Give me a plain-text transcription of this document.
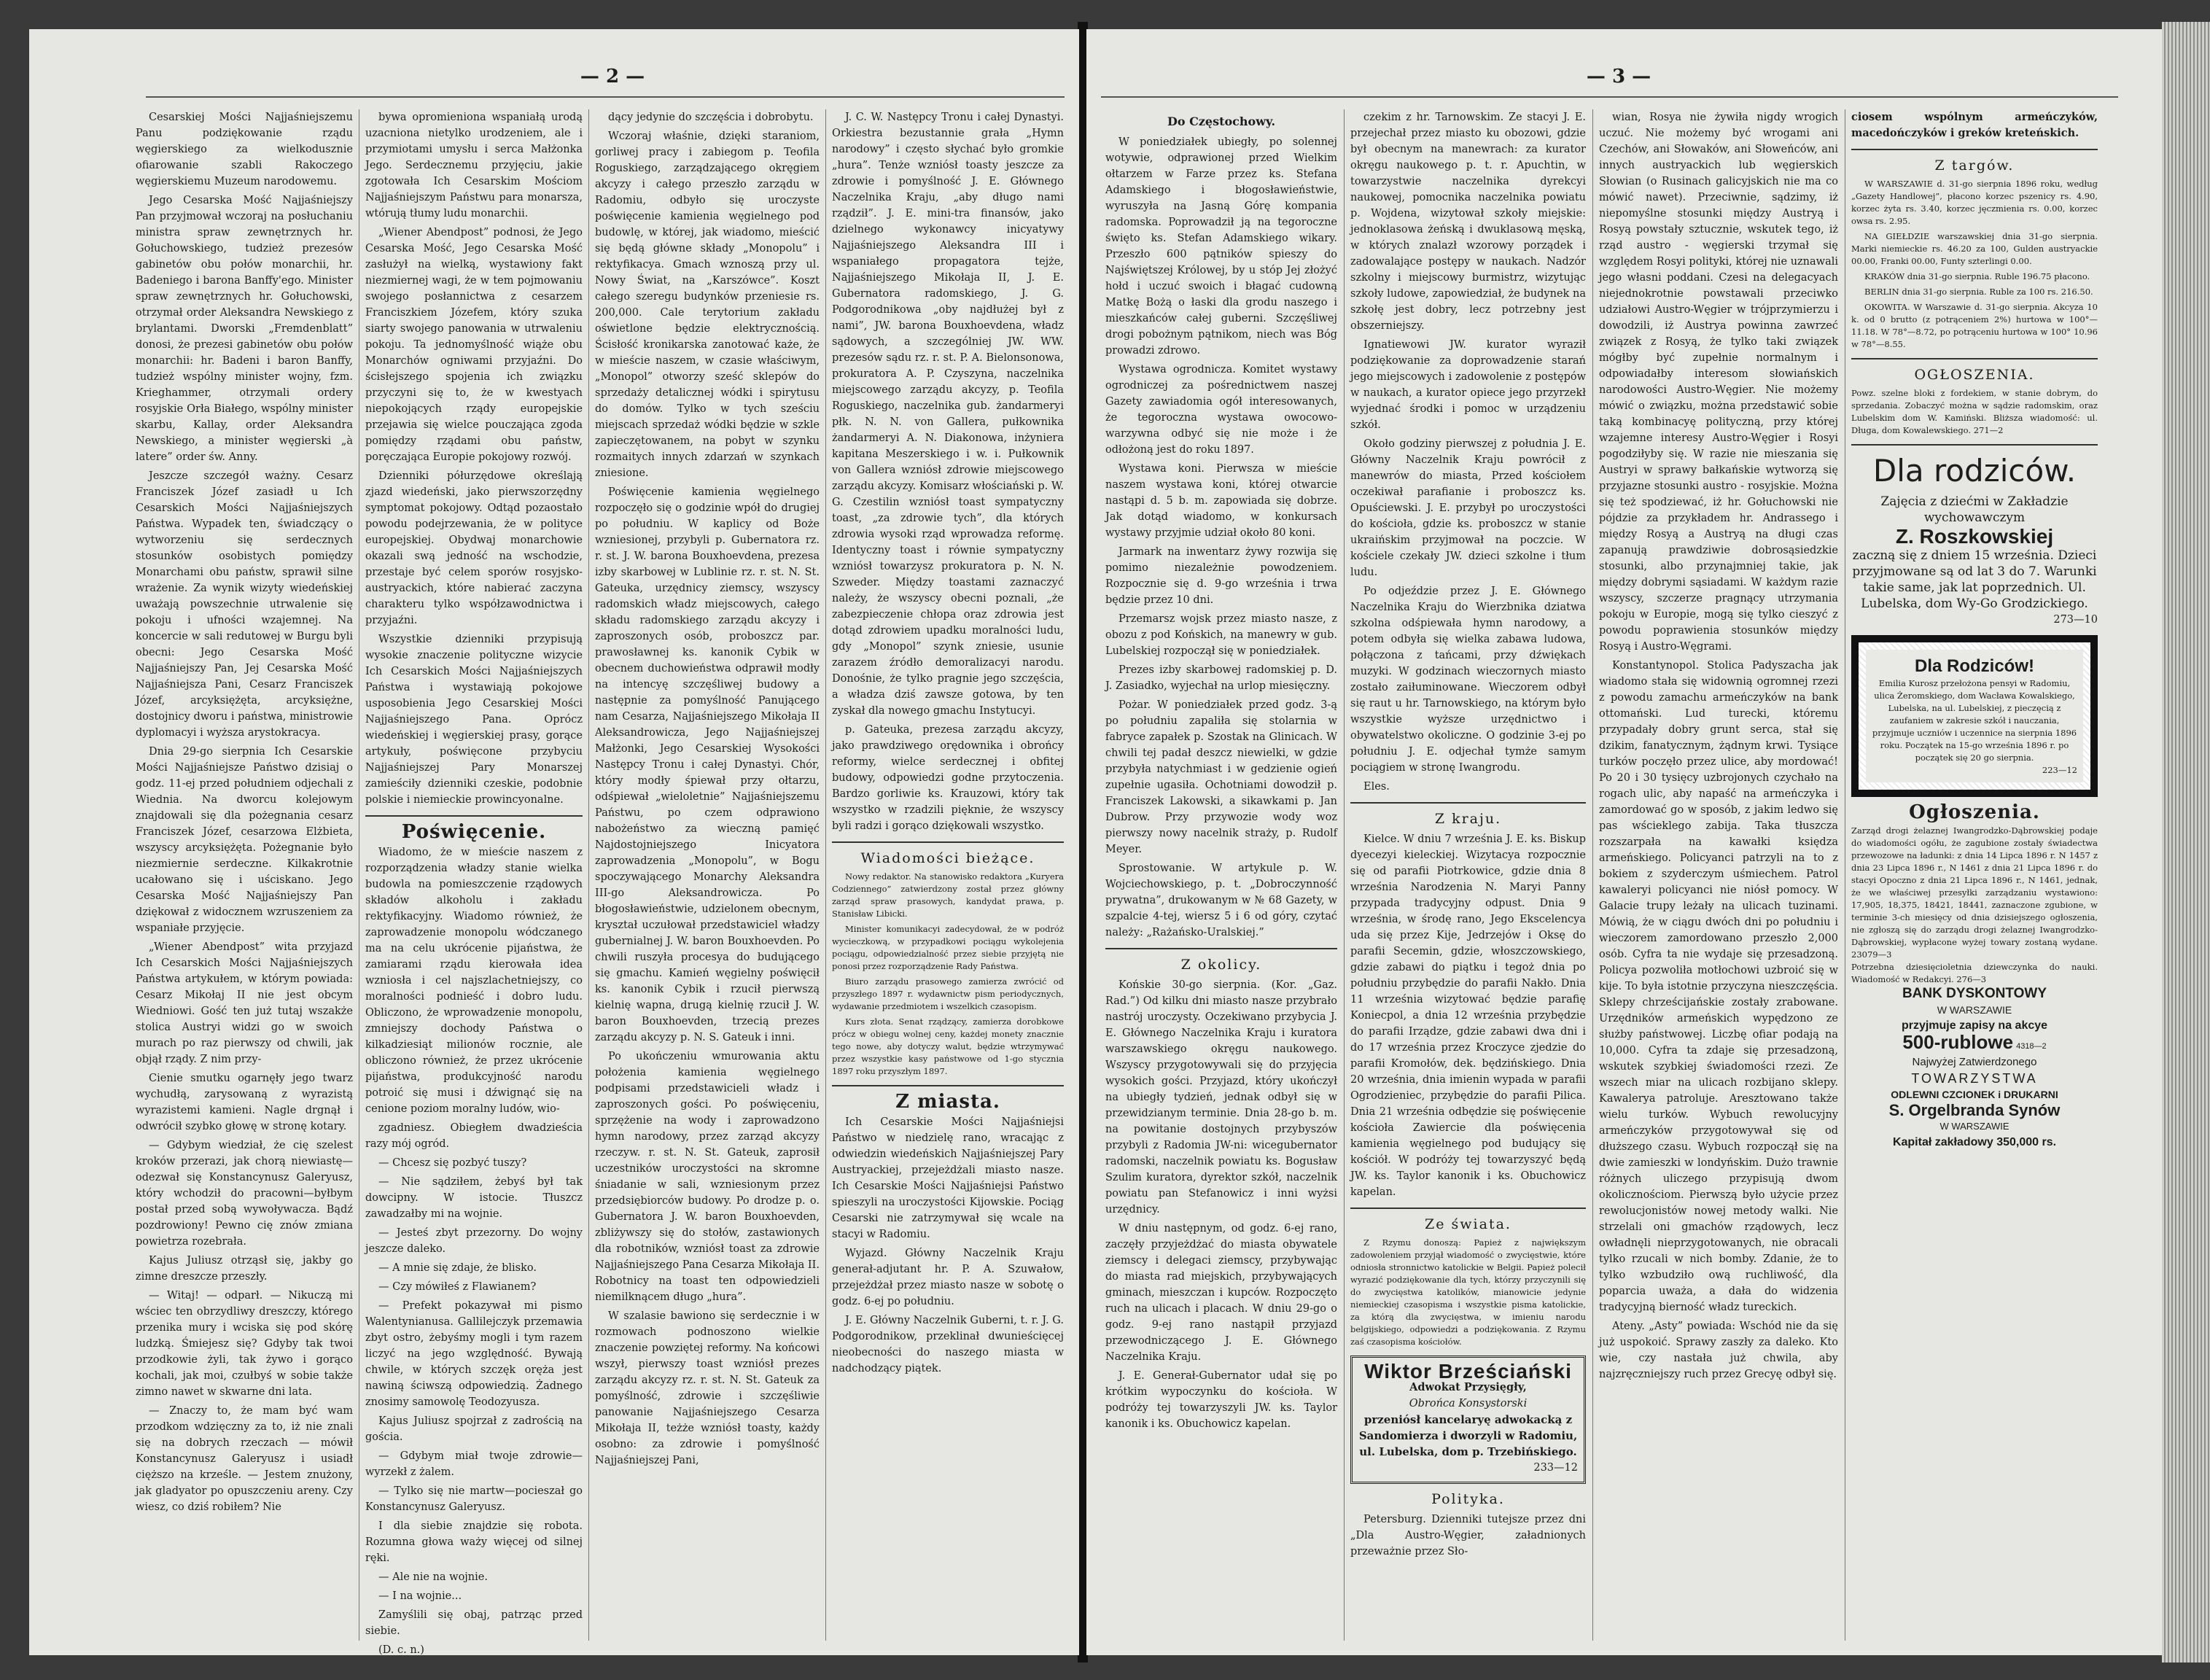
— 2 —

Cesarskiej Mości Najjaśniejszemu Panu podziękowanie rządu węgierskiego za wielkodusznie ofiarowanie szabli Rakoczego węgierskiemu Muzeum narodowemu.

Jego Cesarska Mość Najjaśniejszy Pan przyjmował wczoraj na posłuchaniu ministra spraw zewnętrznych hr. Gołuchowskiego, tudzież prezesów gabinetów obu połów monarchii, hr. Badeniego i barona Banffy'ego. Minister spraw zewnętrznych hr. Gołuchowski, otrzymał order Aleksandra Newskiego z brylantami. Dworski „Fremdenblatt” donosi, że prezesi gabinetów obu połów monarchii: hr. Badeni i baron Banffy, tudzież wspólny minister wojny, fzm. Krieghammer, otrzymali ordery rosyjskie Orła Białego, wspólny minister skarbu, Kallay, order Aleksandra Newskiego, a minister węgierski „à latere” order św. Anny.

Jeszcze szczegół ważny. Cesarz Franciszek Józef zasiadł u Ich Cesarskich Mości Najjaśniejszych Państwa. Wypadek ten, świadczący o wytworzeniu się serdecznych stosunków osobistych pomiędzy Monarchami obu państw, sprawił silne wrażenie. Za wynik wizyty wiedeńskiej uważają powszechnie utrwalenie się pokoju i ufności wzajemnej. Na koncercie w sali redutowej w Burgu byli obecni: Jego Cesarska Mość Najjaśniejszy Pan, Jej Cesarska Mość Najjaśniejsza Pani, Cesarz Franciszek Józef, arcyksiężęta, arcyksiężne, dostojnicy dworu i państwa, ministrowie dyplomacyi i wyższa arystokracya.

Dnia 29-go sierpnia Ich Cesarskie Mości Najjaśniejsze Państwo dzisiaj o godz. 11-ej przed południem odjechali z Wiednia. Na dworcu kolejowym znajdowali się dla pożegnania cesarz Franciszek Józef, cesarzowa Elżbieta, wszyscy arcyksiężęta. Pożegnanie było niezmiernie serdeczne. Kilkakrotnie ucałowano się i uściskano. Jego Cesarska Mość Najjaśniejszy Pan dziękował z widocznem wzruszeniem za wspaniałe przyjęcie.

„Wiener Abendpost” wita przyjazd Ich Cesarskich Mości Najjaśniejszych Państwa artykułem, w którym powiada: Cesarz Mikołaj II nie jest obcym Wiedniowi. Gość ten już tutaj wszakże stolica Austryi widzi go w swoich murach po raz pierwszy od chwili, jak objął rządy. Z nim przy-

Cienie smutku ogarnęły jego twarz wychudłą, zarysowaną z wyrazistą wyrazistemi kamieni. Nagle drgnął i odwrócił szybko głowę w stronę kotary.

— Gdybym wiedział, że cię szelest kroków przerazi, jak chorą niewiastę—odezwał się Konstancynusz Galeryusz, który wchodził do pracowni—byłbym postał przed sobą wywoływacza. Bądź pozdrowiony! Pewno cię znów zmiana powietrza rozebrała.

Kajus Juliusz otrząsł się, jakby go zimne dreszcze przeszły.

— Witaj! — odparł. — Nikuczą mi wściec ten obrzydliwy dreszczy, którego przenika mury i wciska się pod skórę ludzką. Śmiejesz się? Gdyby tak twoi przodkowie żyli, tak żywo i gorąco kochali, jak moi, czułbyś w sobie także zimno nawet w skwarne dni lata.

— Znaczy to, że mam być wam przodkom wdzięczny za to, iż nie znali się na dobrych rzeczach — mówił Konstancynusz Galeryusz i usiadł cięższo na krześle. — Jestem znużony, jak gladyator po opuszczeniu areny. Czy wiesz, co dziś robiłem? Nie

bywa opromieniona wspaniałą urodą uzacniona nietylko urodzeniem, ale i przymiotami umysłu i serca Małżonka Jego. Serdecznemu przyjęciu, jakie zgotowała Ich Cesarskim Mościom Najjaśniejszym Państwu para monarsza, wtórują tłumy ludu monarchii.

„Wiener Abendpost” podnosi, że Jego Cesarska Mość, Jego Cesarska Mość zasłużył na wielką, wystawiony fakt niezmiernej wagi, że w tem pojmowaniu swojego posłannictwa z cesarzem Franciszkiem Józefem, który szuka siarty swojego panowania w utrwaleniu pokoju. Ta jednomyślność wiąże obu Monarchów ogniwami przyjaźni. Do ścisłejszego spojenia ich związku przyczyni się to, że w kwestyach niepokojących rządy europejskie przejawia się wielce pouczająca zgoda pomiędzy rządami obu państw, poręczająca Europie pokojowy rozwój.

Dzienniki półurzędowe określają zjazd wiedeński, jako pierwszorzędny symptomat pokojowy. Odtąd pozaostało powodu podejrzewania, że w polityce europejskiej. Obydwaj monarchowie okazali swą jedność na wschodzie, przestaje być celem sporów rosyjsko-austryackich, które nabierać zaczyna charakteru tylko współzawodnictwa i przyjaźni.

Wszystkie dzienniki przypisują wysokie znaczenie polityczne wizycie Ich Cesarskich Mości Najjaśniejszych Państwa i wystawiają pokojowe usposobienia Jego Cesarskiej Mości Najjaśniejszego Pana. Oprócz wiedeńskiej i węgierskiej prasy, gorące artykuły, poświęcone przybyciu Najjaśniejszej Pary Monarszej zamieściły dzienniki czeskie, podobnie polskie i niemieckie prowincyonalne.

Poświęcenie.

Wiadomo, że w mieście naszem z rozporządzenia władzy stanie wielka budowla na pomieszczenie rządowych składów alkoholu i zakładu rektyfikacyjny. Wiadomo również, że zaprowadzenie monopolu wódczanego ma na celu ukrócenie pijaństwa, że zamiarami rządu kierowała idea wzniosła i cel najszlachetniejszy, co moralności podnieść i dobro ludu. Obliczono, że wprowadzenie monopolu, zmniejszy dochody Państwa o kilkadziesiąt milionów rocznie, ale obliczono również, że przez ukrócenie pijaństwa, produkcyjność narodu potroić się musi i dźwignąć się na cenione poziom moralny ludów, wio-

zgadniesz. Obiegłem dwadzieścia razy mój ogród.

— Chcesz się pozbyć tuszy?

— Nie sądziłem, żebyś był tak dowcipny. W istocie. Tłuszcz zawadzałby mi na wojnie.

— Jesteś zbyt przezorny. Do wojny jeszcze daleko.

— A mnie się zdaje, że blisko.

— Czy mówiłeś z Flawianem?

— Prefekt pokazywał mi pismo Walentynianusa. Gallilejczyk przemawia zbyt ostro, żebyśmy mogli i tym razem liczyć na jego względność. Bywają chwile, w których szczęk oręża jest nawiną ściwszą odpowiedzią. Żadnego znosimy samowolę Teodozyusza.

Kajus Juliusz spojrzał z zadrością na gościa.

— Gdybym miał twoje zdrowie—wyrzekł z żalem.

— Tylko się nie martw—pocieszał go Konstancynusz Galeryusz.

I dla siebie znajdzie się robota. Rozumna głowa waży więcej od silnej ręki.

— Ale nie na wojnie.

— I na wojnie...

Zamyślili się obaj, patrząc przed siebie.

(D. c. n.)

dący jedynie do szczęścia i dobrobytu.

Wczoraj właśnie, dzięki staraniom, gorliwej pracy i zabiegom p. Teofila Roguskiego, zarządzającego okręgiem akcyzy i całego przeszło zarządu w Radomiu, odbyło się uroczyste poświęcenie kamienia węgielnego pod budowlę, w której, jak wiadomo, mieścić się będą główne składy „Monopolu” i rektyfikacya. Gmach wznoszą przy ul. Nowy Świat, na „Karszówce”. Koszt całego szeregu budynków przeniesie rs. 200,000. Cale terytorium zakładu oświetlone będzie elektrycznością. Ścisłość kronikarska zanotować każe, że w mieście naszem, w czasie właściwym, „Monopol” otworzy sześć sklepów do sprzedaży detalicznej wódki i spirytusu do domów. Tylko w tych sześciu miejscach sprzedaż wódki będzie w szkle zapieczętowanem, na pobyt w szynku rozmaitych innych zdarzań w szynkach zniesione.

Poświęcenie kamienia węgielnego rozpoczęło się o godzinie wpół do drugiej po południu. W kaplicy od Boże wzniesionej, przybyli p. Gubernatora rz. r. st. J. W. barona Bouxhoevdena, prezesa izby skarbowej w Lublinie rz. r. st. N. St. Gateuka, urzędnicy ziemscy, wszyscy radomskich władz miejscowych, całego składu radomskiego zarządu akcyzy i zaproszonych osób, proboszcz par. prawosławnej ks. kanonik Cybik w obecnem duchowieństwa odprawił modły na intencyę szczęśliwej budowy a następnie za pomyślność Panującego nam Cesarza, Najjaśniejszego Mikołaja II Aleksandrowicza, Jego Najjaśniejszej Małżonki, Jego Cesarskiej Wysokości Następcy Tronu i całej Dynastyi. Chór, który modły śpiewał przy ołtarzu, odśpiewał „wieloletnie” Najjaśniejszemu Państwu, po czem odprawiono nabożeństwo za wieczną pamięć Najdostojniejszego Inicyatora zaprowadzenia „Monopolu”, w Bogu spoczywającego Monarchy Aleksandra III-go Aleksandrowicza. Po błogosławieństwie, udzielonem obecnym, kryształ uczułował przedstawiciel władzy gubernialnej J. W. baron Bouxhoevden. Po chwili ruszyła procesya do budującego się gmachu. Kamień węgielny poświęcił ks. kanonik Cybik i rzucił pierwszą kielnię wapna, drugą kielnię rzucił J. W. baron Bouxhoevden, trzecią prezes zarządu akcyzy p. N. S. Gateuk i inni.

Po ukończeniu wmurowania aktu położenia kamienia węgielnego podpisami przedstawicieli władz i zaproszonych gości. Po poświęceniu, sprzężenie na wody i zaprowadzono hymn narodowy, przez zarząd akcyzy rzeczyw. r. st. N. St. Gateuk, zaprosił uczestników uroczystości na skromne śniadanie w sali, wzniesionym przez przedsiębiorców budowy. Po drodze p. o. Gubernatora J. W. baron Bouxhoevden, zbliżywszy się do stołów, zastawionych dla robotników, wzniósł toast za zdrowie Najjaśniejszego Pana Cesarza Mikołaja II. Robotnicy na toast ten odpowiedzieli niemilknącem długo „hura”.

W szalasie bawiono się serdecznie i w rozmowach podnoszono wielkie znaczenie powziętej reformy. Na końcowi wszył, pierwszy toast wzniósł prezes zarządu akcyzy rz. r. st. N. St. Gateuk za pomyślność, zdrowie i szczęśliwie panowanie Najjaśniejszego Cesarza Mikołaja II, teżże wzniósł toasty, każdy osobno: za zdrowie i pomyślność Najjaśniejszej Pani,

J. C. W. Następcy Tronu i całej Dynastyi. Orkiestra bezustannie grała „Hymn narodowy” i często słychać było gromkie „hura”. Tenże wzniósł toasty jeszcze za zdrowie i pomyślność J. E. Głównego Naczelnika Kraju, „aby długo nami rządził”. J. E. mini-tra finansów, jako dzielnego wykonawcy inicyatywy Najjaśniejszego Aleksandra III i wspaniałego propagatora tejże, Najjaśniejszego Mikołaja II, J. E. Gubernatora radomskiego, J. G. Podgorodnikowa „oby najdłużej był z nami”, JW. barona Bouxhoevdena, władz sądowych, a szczególniej JW. WW. prezesów sądu rz. r. st. P. A. Bielonsonowa, prokuratora A. P. Czyszyna, naczelnika miejscowego zarządu akcyzy, p. Teofila Roguskiego, naczelnika gub. żandarmeryi płk. N. N. von Gallera, pułkownika żandarmeryi A. N. Diakonowa, inżyniera kapitana Meszerskiego i w. i. Pułkownik von Gallera wzniósł zdrowie miejscowego zarządu akcyzy. Komisarz włościański p. W. G. Czestilin wzniósł toast sympatyczny toast, „za zdrowie tych”, dla których zdrowia wysoki rząd wprowadza reformę. Identyczny toast i równie sympatyczny wzniósł towarzysz prokuratora p. N. N. Szweder. Między toastami zaznaczyć należy, że wszyscy obecni poznali, „że zabezpieczenie chłopa oraz zdrowia jest dotąd zdrowiem upadku moralności ludu, gdy „Monopol” szynk zniesie, usunie zarazem źródło demoralizacyi narodu. Donośnie, że tylko pragnie jego szczęścia, a władza dziś zawsze gotowa, by ten zyskał dla nowego gmachu Instytucyi.

p. Gateuka, prezesa zarządu akcyzy, jako prawdziwego orędownika i obrońcy reformy, wielce serdecznej i obfitej budowy, odpowiedzi godne przytoczenia. Bardzo gorliwie ks. Krauzowi, który tak wszystko w rzadzili pięknie, że wszyscy byli radzi i gorąco dziękowali wszystko.

Wiadomości bieżące.

Nowy redaktor. Na stanowisko redaktora „Kuryera Codziennego” zatwierdzony został przez główny zarząd spraw prasowych, kandydat prawa, p. Stanisław Libicki.

Minister komunikacyi zadecydował, że w podróż wycieczkową, w przypadkowi pociągu wykolejenia pociągu, odpowiedzialność przez siebie przyjętą nie ponosi przez rozporządzenie Rady Państwa.

Biuro zarządu prasowego zamierza zwrócić od przyszłego 1897 r. wydawnictw pism periodycznych, wydawanie przedmiotem i wszelkich czasopism.

Kurs złota. Senat rządzący, zamierza dorobkowe prócz w obiegu wolnej ceny, każdej monety znacznie tego nowe, aby dotyczy walut, będzie wtrzymywać przez wszystkie kasy państwowe od 1-go stycznia 1897 roku przyszłym 1897.

Z miasta.

Ich Cesarskie Mości Najjaśniejsi Państwo w niedzielę rano, wracając z odwiedzin wiedeńskich Najjaśniejszej Pary Austryackiej, przejeżdżali miasto nasze. Ich Cesarskie Mości Najjaśniejsi Państwo spieszyli na uroczystości Kijowskie. Pociąg Cesarski nie zatrzymywał się wcale na stacyi w Radomiu.

Wyjazd. Główny Naczelnik Kraju generał-adjutant hr. P. A. Szuwałow, przejeżdżał przez miasto nasze w sobotę o godz. 6-ej po południu.

J. E. Główny Naczelnik Guberni, t. r. J. G. Podgorodnikow, przeklinał dwunieścięcej nieobecności do naszego miasta w nadchodzący piątek.

— 3 —
Do Częstochowy.

W poniedziałek ubiegły, po solennej wotywie, odprawionej przed Wielkim ołtarzem w Farze przez ks. Stefana Adamskiego i błogosławieństwie, wyruszyła na Jasną Górę kompania radomska. Poprowadził ją na tegoroczne święto ks. Stefan Adamskiego wikary. Przeszło 600 pątników spieszy do Najświętszej Królowej, by u stóp Jej złożyć hołd i uczuć swoich i błagać cudowną Matkę Bożą o łaski dla grodu naszego i mieszkańców całej guberni. Szczęśliwej drogi pobożnym pątnikom, niech was Bóg prowadzi zdrowo.

Wystawa ogrodnicza. Komitet wystawy ogrodniczej za pośrednictwem naszej Gazety zawiadomia ogół interesowanych, że tegoroczna wystawa owocowo-warzywna odbyć się nie może i że odłożoną jest do roku 1897.

Wystawa koni. Pierwsza w mieście naszem wystawa koni, której otwarcie nastąpi d. 5 b. m. zapowiada się dobrze. Jak dotąd wiadomo, w konkursach wystawy przyjmie udział około 80 koni.

Jarmark na inwentarz żywy rozwija się pomimo niezależnie powodzeniem. Rozpocznie się d. 9-go września i trwa będzie przez 10 dni.

Przemarsz wojsk przez miasto nasze, z obozu z pod Końskich, na manewry w gub. Lubelskiej rozpoczął się w poniedziałek.

Prezes izby skarbowej radomskiej p. D. J. Zasiadko, wyjechał na urlop miesięczny.

Pożar. W poniedziałek przed godz. 3-ą po południu zapaliła się stolarnia w fabryce zapałek p. Szostak na Glinicach. W chwili tej padał deszcz niewielki, w gdzie przybyła natychmiast i w gedzienie ogień zupełnie ugasiła. Ochotniami dowodził p. Franciszek Lakowski, a sikawkami p. Jan Dubrow. Przy przywozie wody woz pierwszy nowy nacelnik straży, p. Rudolf Meyer.

Sprostowanie. W artykule p. W. Wojciechowskiego, p. t. „Dobroczynność prywatna”, drukowanym w № 68 Gazety, w szpalcie 4-tej, wiersz 5 i 6 od góry, czytać należy: „Rażańsko-Uralskiej.”

Z okolicy.

Końskie 30-go sierpnia. (Kor. „Gaz. Rad.”) Od kilku dni miasto nasze przybrało nastrój uroczysty. Oczekiwano przybycia J. E. Głównego Naczelnika Kraju i kuratora warszawskiego okręgu naukowego. Wszyscy przygotowywali się do przyjęcia wysokich gości. Przyjazd, który ukończył na ubiegły tydzień, jednak odbył się w przewidzianym terminie. Dnia 28-go b. m. na powitanie dostojnych przybyszów przybyli z Radomia JW-ni: wicegubernator radomski, naczelnik powiatu ks. Bogusław Szulim kuratora, dyrektor szkół, naczelnik powiatu pan Stefanowicz i inni wyżsi urzędnicy.

W dniu następnym, od godz. 6-ej rano, zaczęły przyjeżdżać do miasta obywatele ziemscy i delegaci ziemscy, przybywając do miasta rad miejskich, przybywających gminach, mieszczan i kupców. Rozpoczęto ruch na ulicach i placach. W dniu 29-go o godz. 9-ej rano nastąpił przyjazd przewodniczącego J. E. Głównego Naczelnika Kraju.

J. E. Generał-Gubernator udał się po krótkim wypoczynku do kościoła. W podróży tej towarzyszyli JW. ks. Taylor kanonik i ks. Obuchowicz kapelan.

czekim z hr. Tarnowskim. Ze stacyi J. E. przejechał przez miasto ku obozowi, gdzie był obecnym na manewrach: za kurator okręgu naukowego p. t. r. Apuchtin, w towarzystwie naczelnika dyrekcyi naukowej, pomocnika naczelnika powiatu p. Wojdena, wizytował szkoły miejskie: jednoklasowa żeńską i dwuklasową męską, w których znalazł wzorowy porządek i zadowalające postępy w naukach. Nadzór szkolny i miejscowy burmistrz, wizytując szkoły ludowe, zapowiedział, że budynek na szkołę jest dobry, lecz potrzebny jest obszerniejszy.

Ignatiewowi JW. kurator wyraził podziękowanie za doprowadzenie starań jego miejscowych i zadowolenie z postępów w naukach, a kurator opiece jego przyrzekł wyjednać środki i pomoc w urządzeniu szkół.

Około godziny pierwszej z południa J. E. Główny Naczelnik Kraju powrócił z manewrów do miasta, Przed kościołem oczekiwał parafianie i proboszcz ks. Opuściewski. J. E. przybył po uroczystości do kościoła, gdzie ks. proboszcz w stanie ukraińskim przyjmował na poczcie. W kościele czekały JW. dzieci szkolne i tłum ludu.

Po odjeździe przez J. E. Głównego Naczelnika Kraju do Wierzbnika dziatwa szkolna odśpiewała hymn narodowy, a potem odbyła się wielka zabawa ludowa, połączona z tańcami, przy dźwiękach muzyki. W godzinach wieczornych miasto zostało zaiłuminowane. Wieczorem odbył się raut u hr. Tarnowskiego, na którym było wszystkie wyższe urzędnictwo i obywatelstwo okoliczne. O godzinie 3-ej po południu J. E. odjechał tymże samym pociągiem w stronę Iwangrodu.

Eles.

Z kraju.

Kielce. W dniu 7 września J. E. ks. Biskup dyecezyi kieleckiej. Wizytacya rozpocznie się od parafii Piotrkowice, gdzie dnia 8 września Narodzenia N. Maryi Panny przypada tradycyjny odpust. Dnia 9 września, w środę rano, Jego Ekscelencya uda się przez Kije, Jedrzejów i Oksę do parafii Secemin, gdzie, włoszczowskiego, gdzie zabawi do piątku i tegoż dnia po południu przybędzie do parafii Nakło. Dnia 11 września wizytować będzie parafię Koniecpol, a dnia 12 września przybędzie do parafii Irządze, gdzie zabawi dwa dni i do 17 września przez Kroczyce zjedzie do parafii Kromołów, dek. będzińskiego. Dnia 20 września, dnia imienin wypada w parafii Ogrodzieniec, przybędzie do parafii Pilica. Dnia 21 września odbędzie się poświęcenie kościoła Zawiercie dla poświęcenia kamienia węgielnego pod budujący się kościół. W podróży tej towarzyszyć będą JW. ks. Taylor kanonik i ks. Obuchowicz kapelan.

Ze świata.

Z Rzymu donoszą: Papież z największym zadowoleniem przyjął wiadomość o zwycięstwie, które odniosła stronnictwo katolickie w Belgii. Papież polecił wyrazić podziękowanie dla tych, którzy przyczynili się do zwycięstwa katolików, mianowicie jedynie niemieckiej czasopisma i wszystkie pisma katolickie, za którą dla zwycięstwa, w imieniu narodu belgijskiego, odpowiedzi a podziękowania. Z Rzymu zaś czasopisma kościołów.

Wiktor Brześciański
Adwokat Przysięgły,
Obrońca Konsystorski
przeniósł kancelaryę adwokacką z Sandomierza i dworzyli w Radomiu, ul. Lubelska, dom p. Trzebińskiego.
233—12
Polityka.

Petersburg. Dzienniki tutejsze przez dni „Dla Austro-Węgier, załadnionych przeważnie przez Sło-

wian, Rosya nie żywiła nigdy wrogich uczuć. Nie możemy być wrogami ani Czechów, ani Słowaków, ani Słoweńców, ani innych austryackich lub węgierskich Słowian (o Rusinach galicyjskich nie ma co mówić nawet). Przeciwnie, sądzimy, iż niepomyślne stosunki między Austryą i Rosyą powstały sztucznie, wskutek tego, iż rząd austro - węgierski trzymał się względem Rosyi polityki, której nie uznawali jego własni poddani. Czesi na delegacyach niejednokrotnie powstawali przeciwko udziałowi Austro-Węgier w trójprzymierzu i dowodzili, iż Austrya powinna zawrzeć związek z Rosyą, że tylko taki związek mógłby być zupełnie normalnym i odpowiadałby interesom słowiańskich narodowości Austro-Węgier. Nie możemy mówić o związku, można przedstawić sobie taką kombinacyę polityczną, przy której wzajemne interesy Austro-Węgier i Rosyi pogodziłyby się. W razie nie mieszania się Austryi w sprawy bałkańskie wytworzą się przyjazne stosunki austro - rosyjskie. Można się też spodziewać, iż hr. Gołuchowski nie pójdzie za przykładem hr. Andrassego i między Rosyą a Austryą na długi czas zapanują prawdziwie dobrosąsiedzkie stosunki, albo przynajmniej takie, jak między dobrymi sąsiadami. W każdym razie wszyscy, szczerze pragnący utrzymania pokoju w Europie, mogą się tylko cieszyć z powodu poprawienia stosunków między Rosyą i Austro-Węgrami.

Konstantynopol. Stolica Padyszacha jak wiadomo stała się widownią ogromnej rzezi z powodu zamachu armeńczyków na bank ottomański. Lud turecki, któremu przypadały dobry grunt serca, stał się dzikim, fanatycznym, żądnym krwi. Tysiące turków poczęło przez ulice, aby mordować! Po 20 i 30 tysięcy uzbrojonych czychało na rogach ulic, aby napaść na armeńczyka i zamordować go w sposób, z jakim ledwo się pas wścieklego zabija. Taka tłuszcza rozszarpała na kawałki księdza armeńskiego. Policyanci patrzyli na to z bokiem z szyderczym uśmiechem. Patrol kawaleryi policyanci nie niósł pomocy. W Galacie trupy leżały na ulicach tuzinami. Mówią, że w ciągu dwóch dni po południu i wieczorem zamordowano przeszło 2,000 osób. Cyfra ta nie wydaje się przesadzoną. Policya pozwoliła motłochowi uzbroić się w kije. To była istotnie przyczyna nieszczęścia. Sklepy chrześcijańskie zostały zrabowane. Urzędników armeńskich wypędzono ze służby państwowej. Liczbę ofiar podają na 10,000. Cyfra ta zdaje się przesadzoną, wskutek szybkiej świadomości rzezi. Ze wszech miar na ulicach rozbijano sklepy. Kawalerya patroluje. Aresztowano także wielu turków. Wybuch rewolucyjny armeńczyków przygotowywał się od dłuższego czasu. Wybuch rozpoczął się na dwie zamieszki w londyńskim. Dużo trawnie różnych uliczego przypisują dwom okolicznościom. Pierwszą było użycie przez rewolucjonistów nowej metody walki. Nie strzelali oni gmachów rządowych, lecz owładnęli nieprzygotowanych, nie obracali tylko rzucali w nich bomby. Zdanie, że to tylko wzbudziło ową ruchliwość, dla poparcia uważa, a dała do widzenia tradycyjną bierność władz tureckich.

Ateny. „Asty” powiada: Wschód nie da się już uspokoić. Sprawy zaszły za daleko. Kto wie, czy nastała już chwila, aby najzręczniejszy ruch przez Grecyę odbył się.

ciosem wspólnym armeńczyków, macedończyków i greków kreteńskich.
Z targów.

W WARSZAWIE d. 31-go sierpnia 1896 roku, według „Gazety Handlowej”, płacono korzec pszenicy rs. 4.90, korzec żyta rs. 3.40, korzec jęczmienia rs. 0.00, korzec owsa rs. 2.95.

NA GIEŁDZIE warszawskiej dnia 31-go sierpnia. Marki niemieckie rs. 46.20 za 100, Gulden austryackie 00.00, Franki 00.00, Funty szterlingi 0.00.

KRAKÓW dnia 31-go sierpnia. Ruble 196.75 płacono.

BERLIN dnia 31-go sierpnia. Ruble za 100 rs. 216.50.

OKOWITA. W Warszawie d. 31-go sierpnia. Akcyza 10 k. od 0 brutto (z potrąceniem 2%) hurtowa w 100°—11.18. W 78°—8.72, po potrąceniu hurtowa w 100° 10.96 w 78°—8.55.

OGŁOSZENIA.
Powz. szelne bloki z fordekiem, w stanie dobrym, do sprzedania. Zobaczyć można w sądzie radomskim, oraz Lubelskim dom W. Kamiński. Bliższa wiadomość: ul. Długa, dom Kowalewskiego. 271—2
Dla rodziców.
Zajęcia z dziećmi w Zakładzie wychowawczym
Z. Roszkowskiej
zaczną się z dniem 15 września. Dzieci przyjmowane są od lat 3 do 7. Warunki takie same, jak lat poprzednich. Ul. Lubelska, dom Wy-Go Grodzickiego.
273—10
Dla Rodziców!
Emilia Kurosz przełożona pensyi w Radomiu, ulica Żeromskiego, dom Wacława Kowalskiego, Lubelska, na ul. Lubelskiej, z pieczęcią z zaufaniem w zakresie szkół i nauczania, przyjmuje uczniów i uczennice na sierpnia 1896 roku. Początek na 15-go września 1896 r. po początek się 20 go sierpnia.
223—12
Ogłoszenia.
Zarząd drogi żelaznej Iwangrodzko-Dąbrowskiej podaje do wiadomości ogółu, że zagubione zostały świadectwa przewozowe na ładunki: z dnia 14 Lipca 1896 r. N 1457 z dnia 23 Lipca 1896 r., N 1461 z dnia 21 Lipca 1896 r. do stacyi Opoczno z dnia 21 Lipca 1896 r., N 1461, jednak, że we właściwej przesyłki zarządzaniu wystawiono: 17,905, 18,375, 18421, 18441, zaznaczone zgubione, w terminie 3-ch miesięcy od dnia dzisiejszego ogłoszenia, nie zgłoszą się do zarządu drogi żelaznej Iwangrodzko-Dąbrowskiej, wypłacone wyżej towary zostaną wydane. 23079—3
Potrzebna dziesięcioletnia dziewczynka do nauki. Wiadomość w Redakcyi. 276—3
BANK DYSKONTOWY
W WARSZAWIE
przyjmuje zapisy na akcye
500-rublowe 4318—2
Najwyżej Zatwierdzonego
TOWARZYSTWA
ODLEWNI CZCIONEK i DRUKARNI
S. Orgelbranda Synów
W WARSZAWIE
Kapitał zakładowy 350,000 rs.
